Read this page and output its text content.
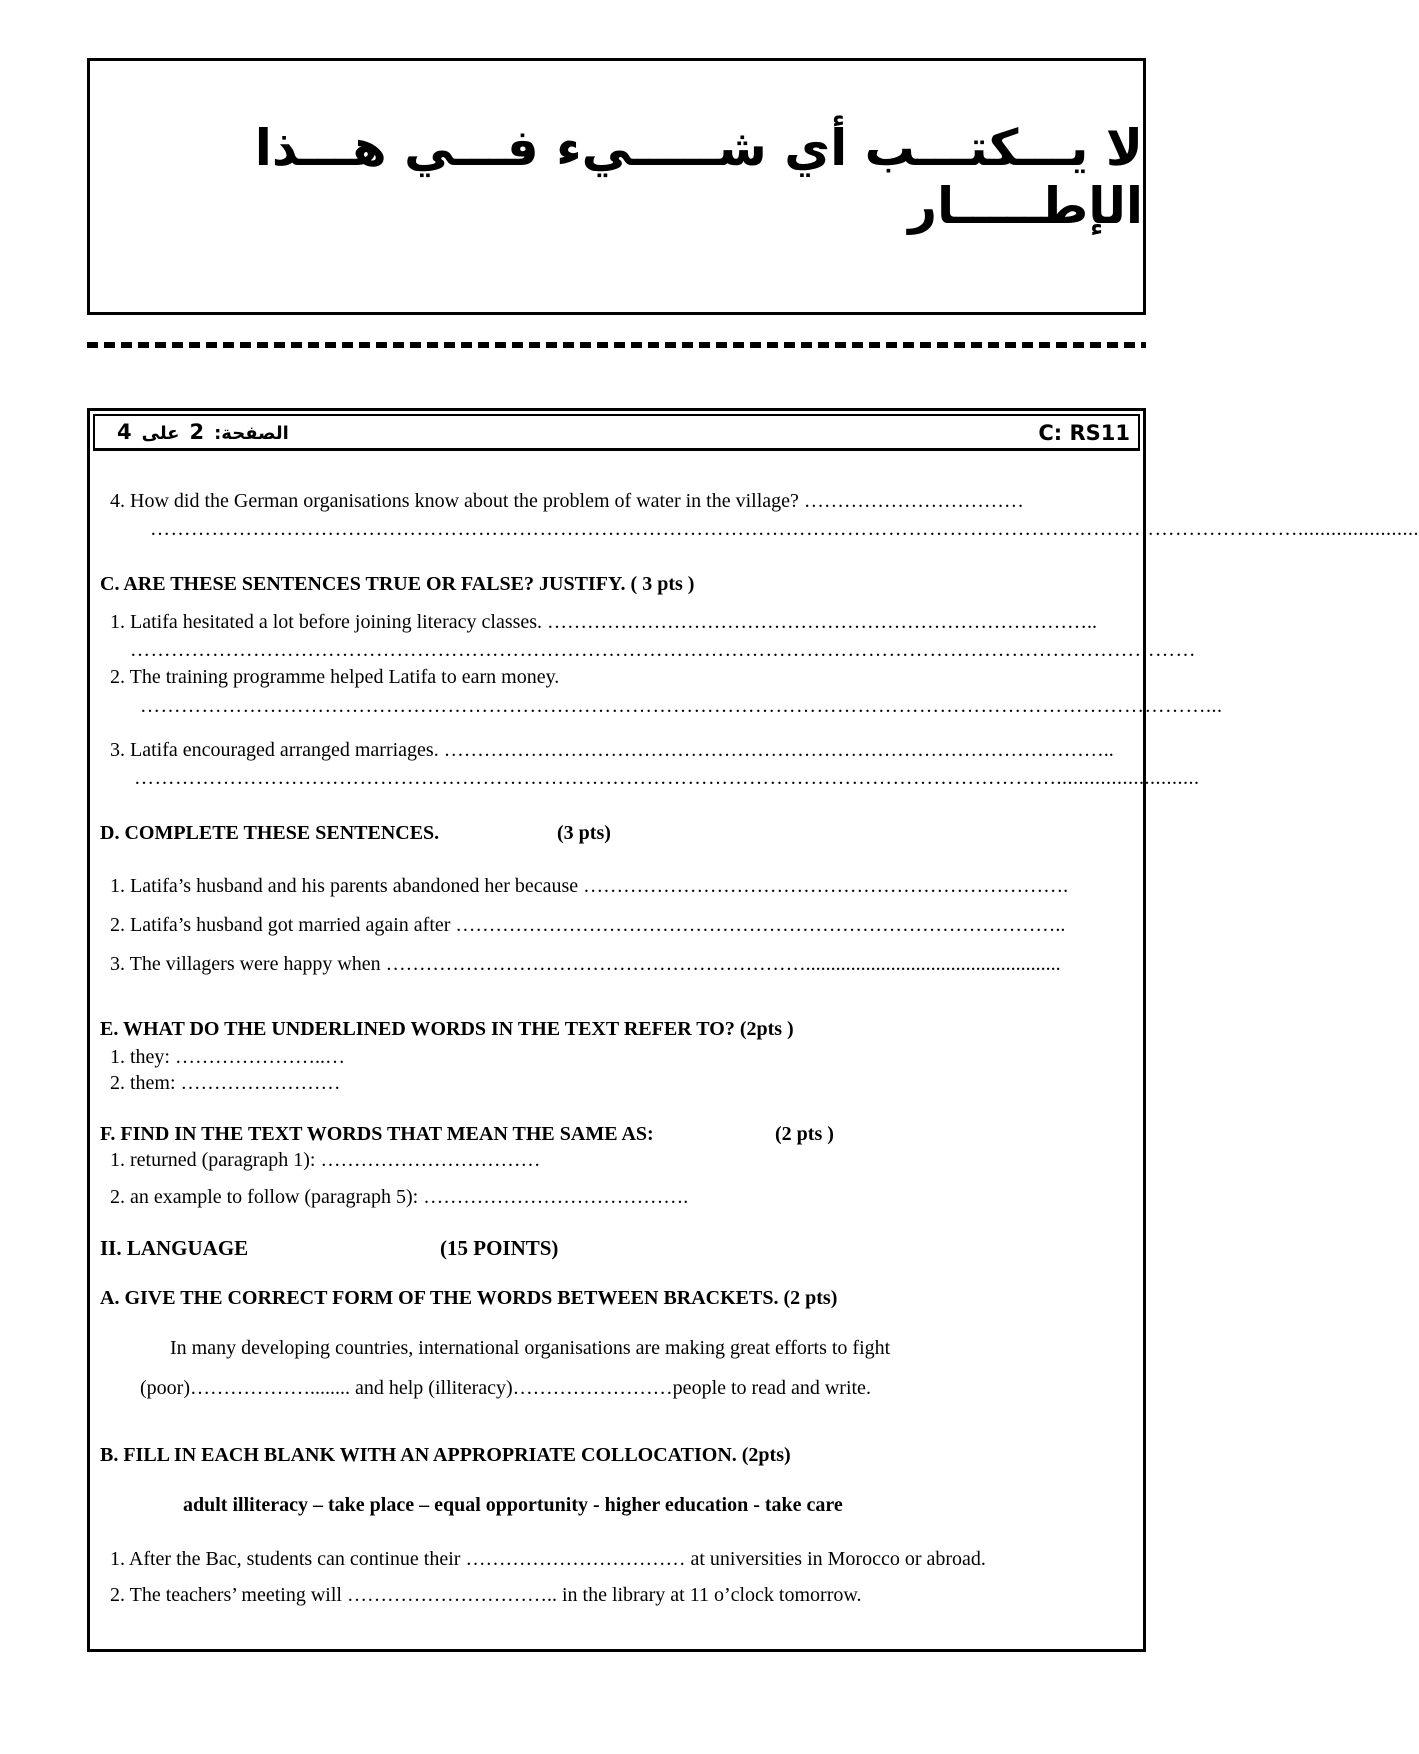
لا يـــكتـــب أي شـــــيء فـــي هـــذا الإطـــــار
الصفحة:2على4	C: RS11
4. How did the German organisations know about the problem of water in the village? ……………………………
……………………………………………………………………………………………………………………………………………………......................
C. ARE THESE SENTENCES TRUE OR FALSE? JUSTIFY. ( 3 pts )
1. Latifa hesitated a lot before joining literacy classes. ………………………………………………………………………..
…………………………………………………………………………………………………………………………………………
2. The training programme helped Latifa to earn money.
…………………………………………………………………………………………………………………………………………...
3. Latifa encouraged arranged marriages. ………………………………………………………………………………………..
………………………………………………………………………………………………………………………..........................
D. COMPLETE THESE SENTENCES.	(3 pts)
1. Latifa’s husband and his parents abandoned her because ……………………………………………………………….
2. Latifa’s husband got married again after ………………………………………………………………………………..
3. The villagers were happy when ………………………………………………………...................................................
E. WHAT DO THE UNDERLINED WORDS IN THE TEXT REFER TO? (2pts )
1. they: …………………..…
2. them: ……………………
F. FIND IN THE TEXT WORDS THAT MEAN THE SAME AS:	(2 pts )
1. returned (paragraph 1): ……………………………
2. an example to follow (paragraph 5): ………………………………….
II. LANGUAGE	(15 POINTS)
A. GIVE THE CORRECT FORM OF THE WORDS BETWEEN BRACKETS. (2 pts)
In many developing countries, international organisations are making great efforts to fight
(poor)………………........ and help (illiteracy)……………………people to read and write.
B. FILL IN EACH BLANK WITH AN APPROPRIATE COLLOCATION. (2pts)
adult illiteracy – take place – equal opportunity - higher education - take care
1. After the Bac, students can continue their …………………………… at universities in Morocco or abroad.
2. The teachers’ meeting will ………………………….. in the library at 11 o’clock tomorrow.
